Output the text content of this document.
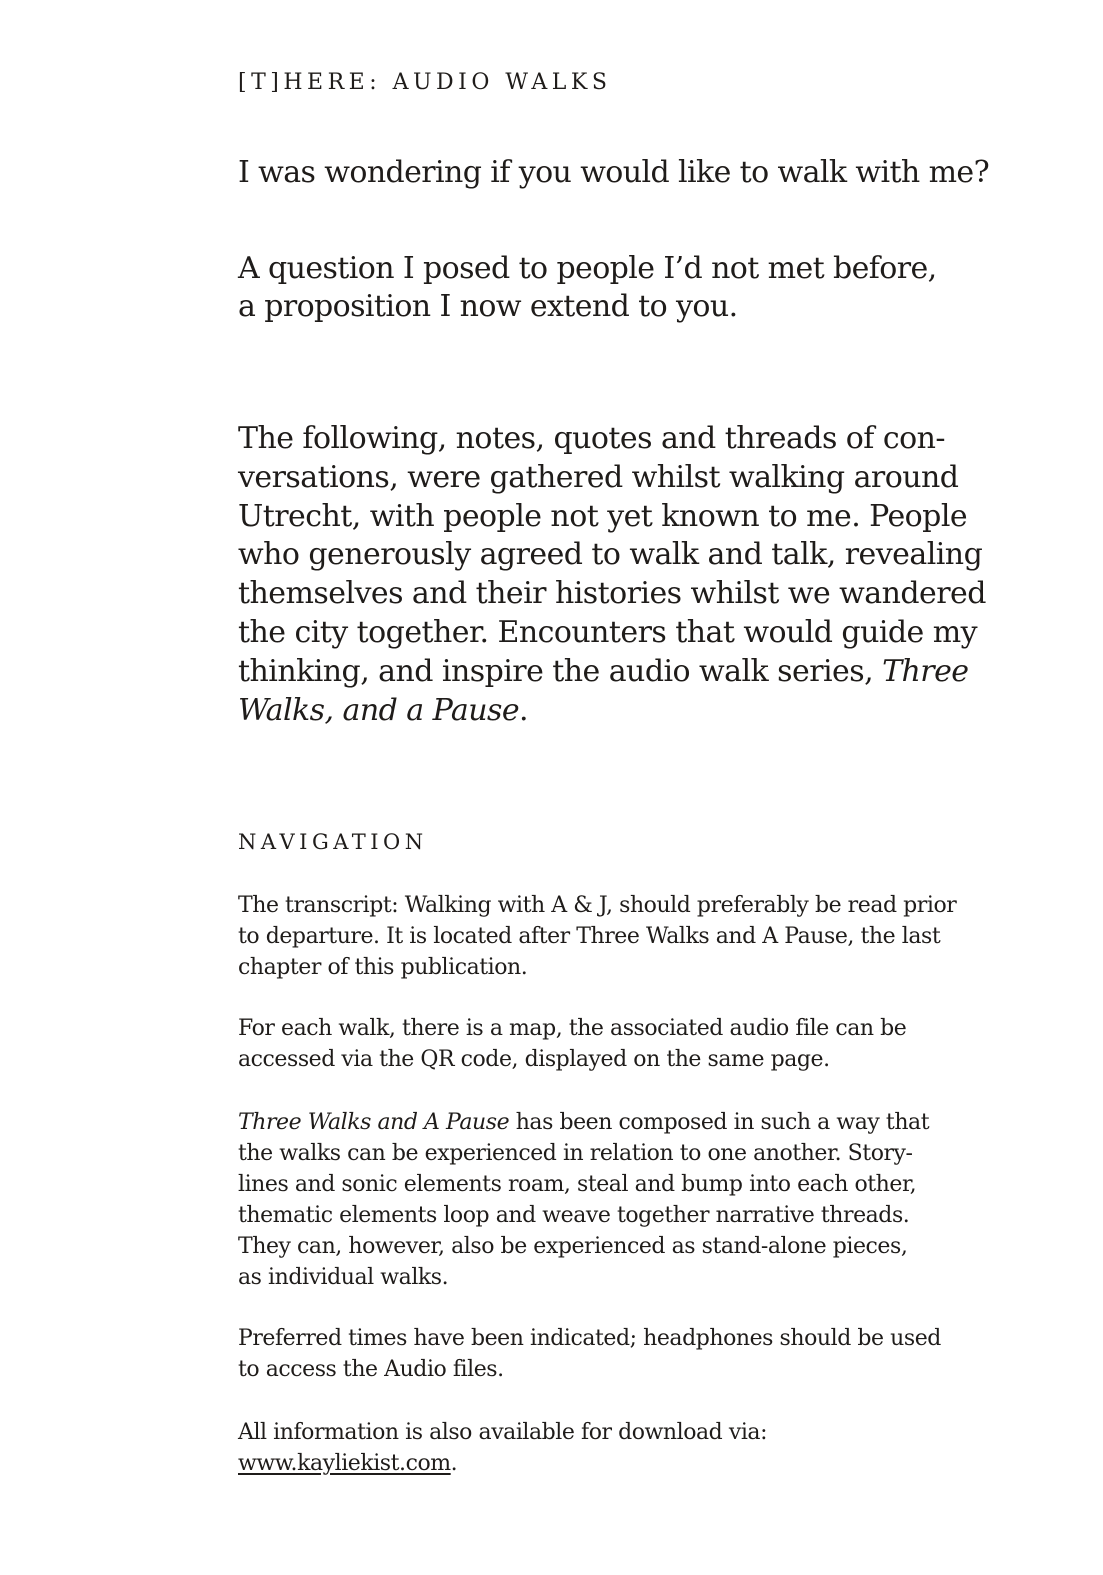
[T]HERE: AUDIO WALKS
I was wondering if you would like to walk with me?
A question I posed to people I’d not met before,
a proposition I now extend to you.
The following, notes, quotes and threads of con-
versations, were gathered whilst walking around
Utrecht, with people not yet known to me. People
who generously agreed to walk and talk, revealing
themselves and their histories whilst we wandered
the city together. Encounters that would guide my
thinking, and inspire the audio walk series, Three
Walks, and a Pause.
NAVIGATION
The transcript: Walking with A & J, should preferably be read prior
to departure. It is located after Three Walks and A Pause, the last
chapter of this publication.
For each walk, there is a map, the associated audio file can be
accessed via the QR code, displayed on the same page.
Three Walks and A Pause has been composed in such a way that
the walks can be experienced in relation to one another. Story-
lines and sonic elements roam, steal and bump into each other,
thematic elements loop and weave together narrative threads.
They can, however, also be experienced as stand-alone pieces,
as individual walks.
Preferred times have been indicated; headphones should be used
to access the Audio files.
All information is also available for download via:
www.kayliekist.com.
